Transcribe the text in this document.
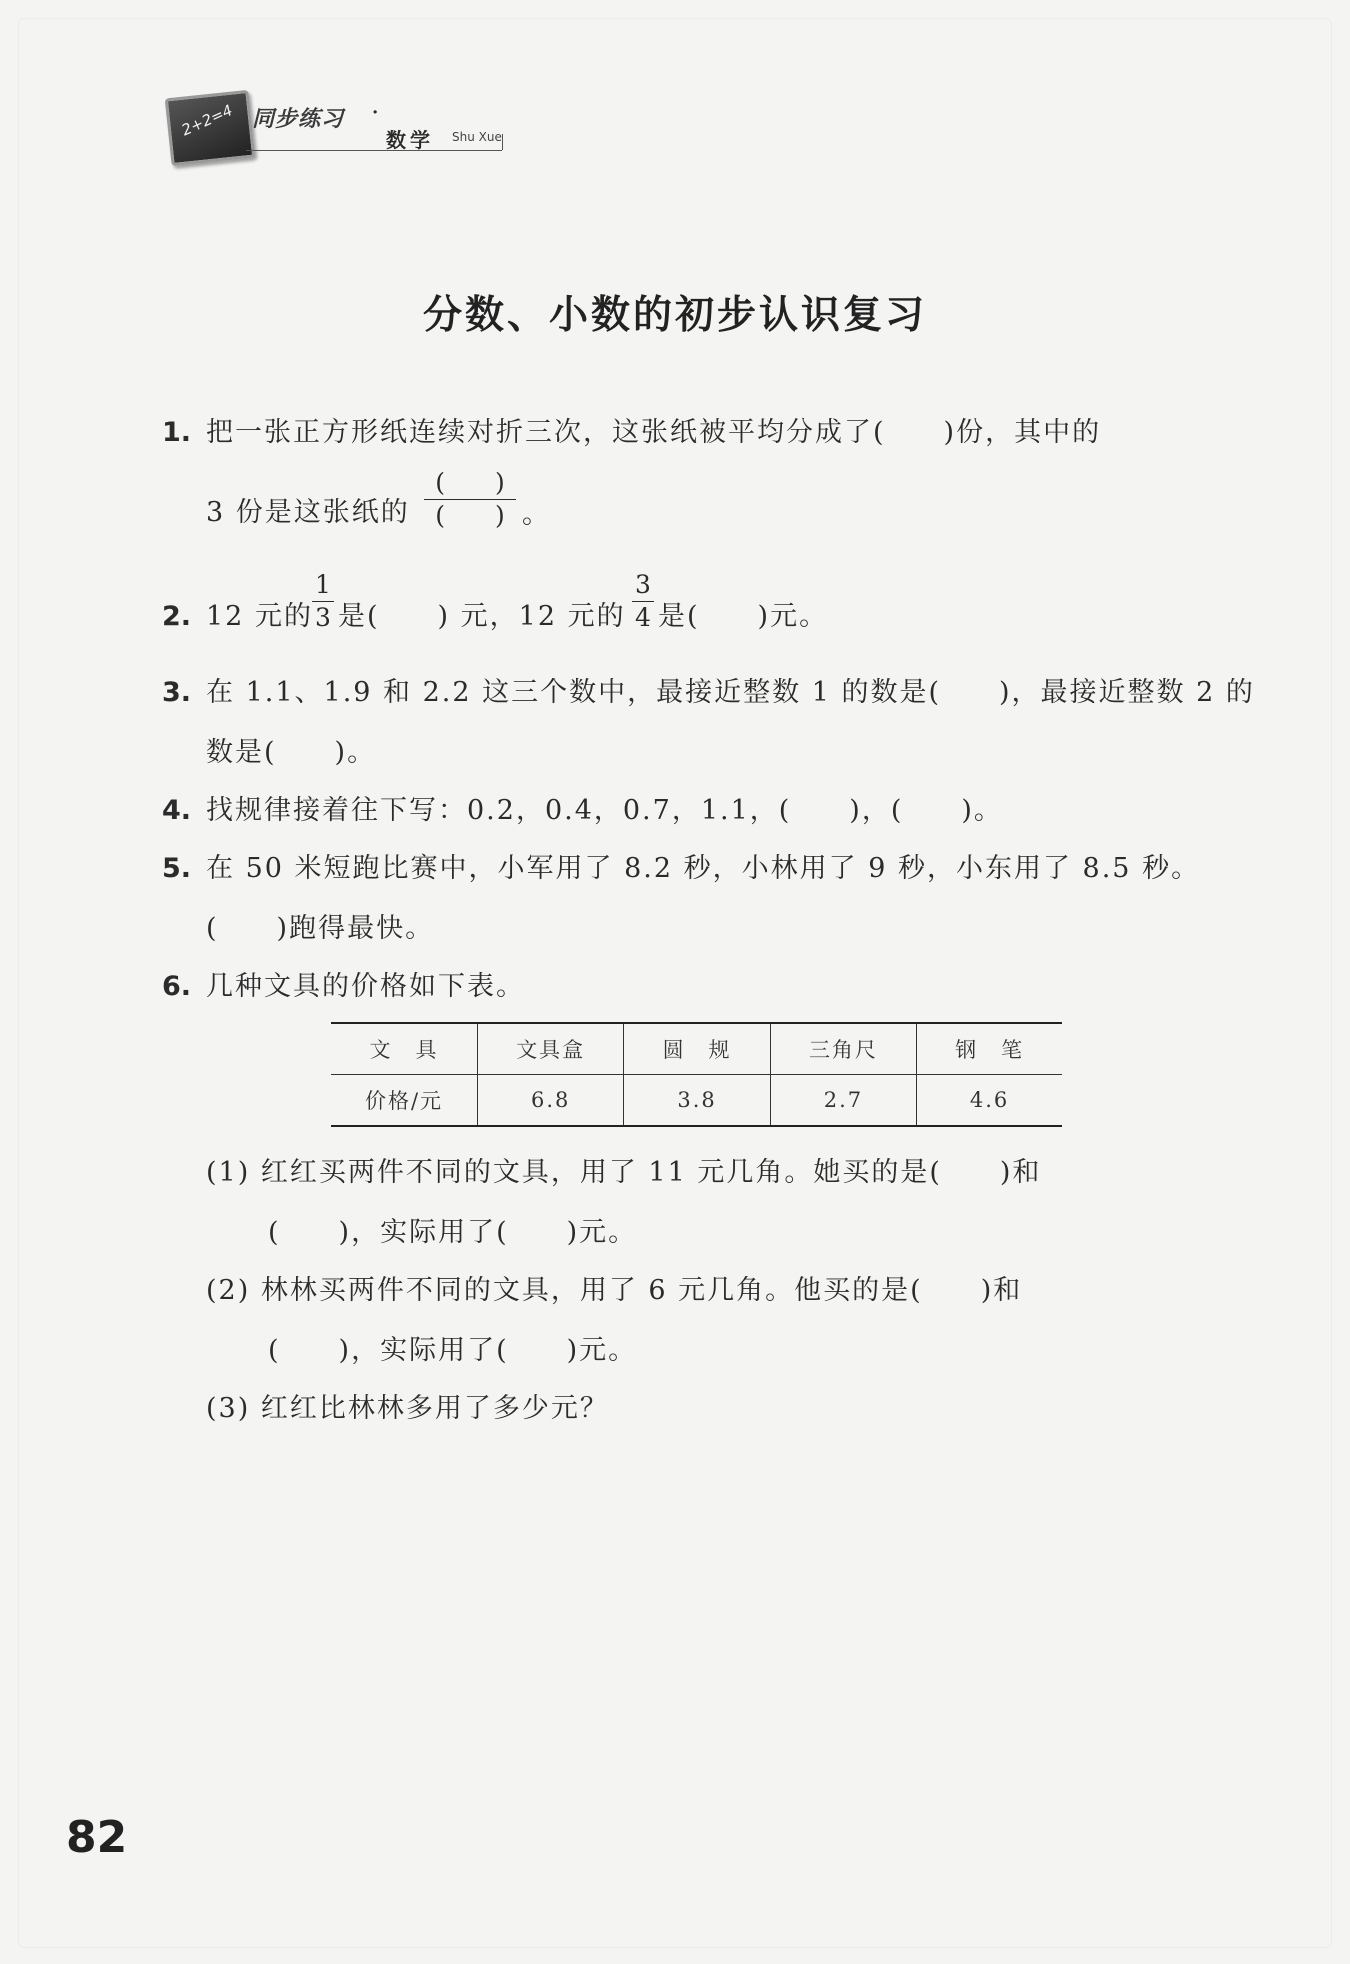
2+2=4 同步练习 ·
数学 Shu Xue
分数、小数的初步认识复习
1. 把一张正方形纸连续对折三次，这张纸被平均分成了(　　)份，其中的
3 份是这张纸的
(　　)
(　　) 。
2. 12 元的
1
3 是(　　) 元，12 元的
3
4 是(　　)元。
3. 在 1.1、1.9 和 2.2 这三个数中，最接近整数 1 的数是(　　)，最接近整数 2 的
数是(　　)。
4. 找规律接着往下写：0.2，0.4，0.7，1.1，(　　)，(　　)。
5. 在 50 米短跑比赛中，小军用了 8.2 秒，小林用了 9 秒，小东用了 8.5 秒。
(　　)跑得最快。
6. 几种文具的价格如下表。
文　具	文具盒	圆　规	三角尺	钢　笔
价格/元	6.8	3.8	2.7	4.6
(1) 红红买两件不同的文具，用了 11 元几角。她买的是(　　)和
(　　)，实际用了(　　)元。
(2) 林林买两件不同的文具，用了 6 元几角。他买的是(　　)和
(　　)，实际用了(　　)元。
(3) 红红比林林多用了多少元？
82
